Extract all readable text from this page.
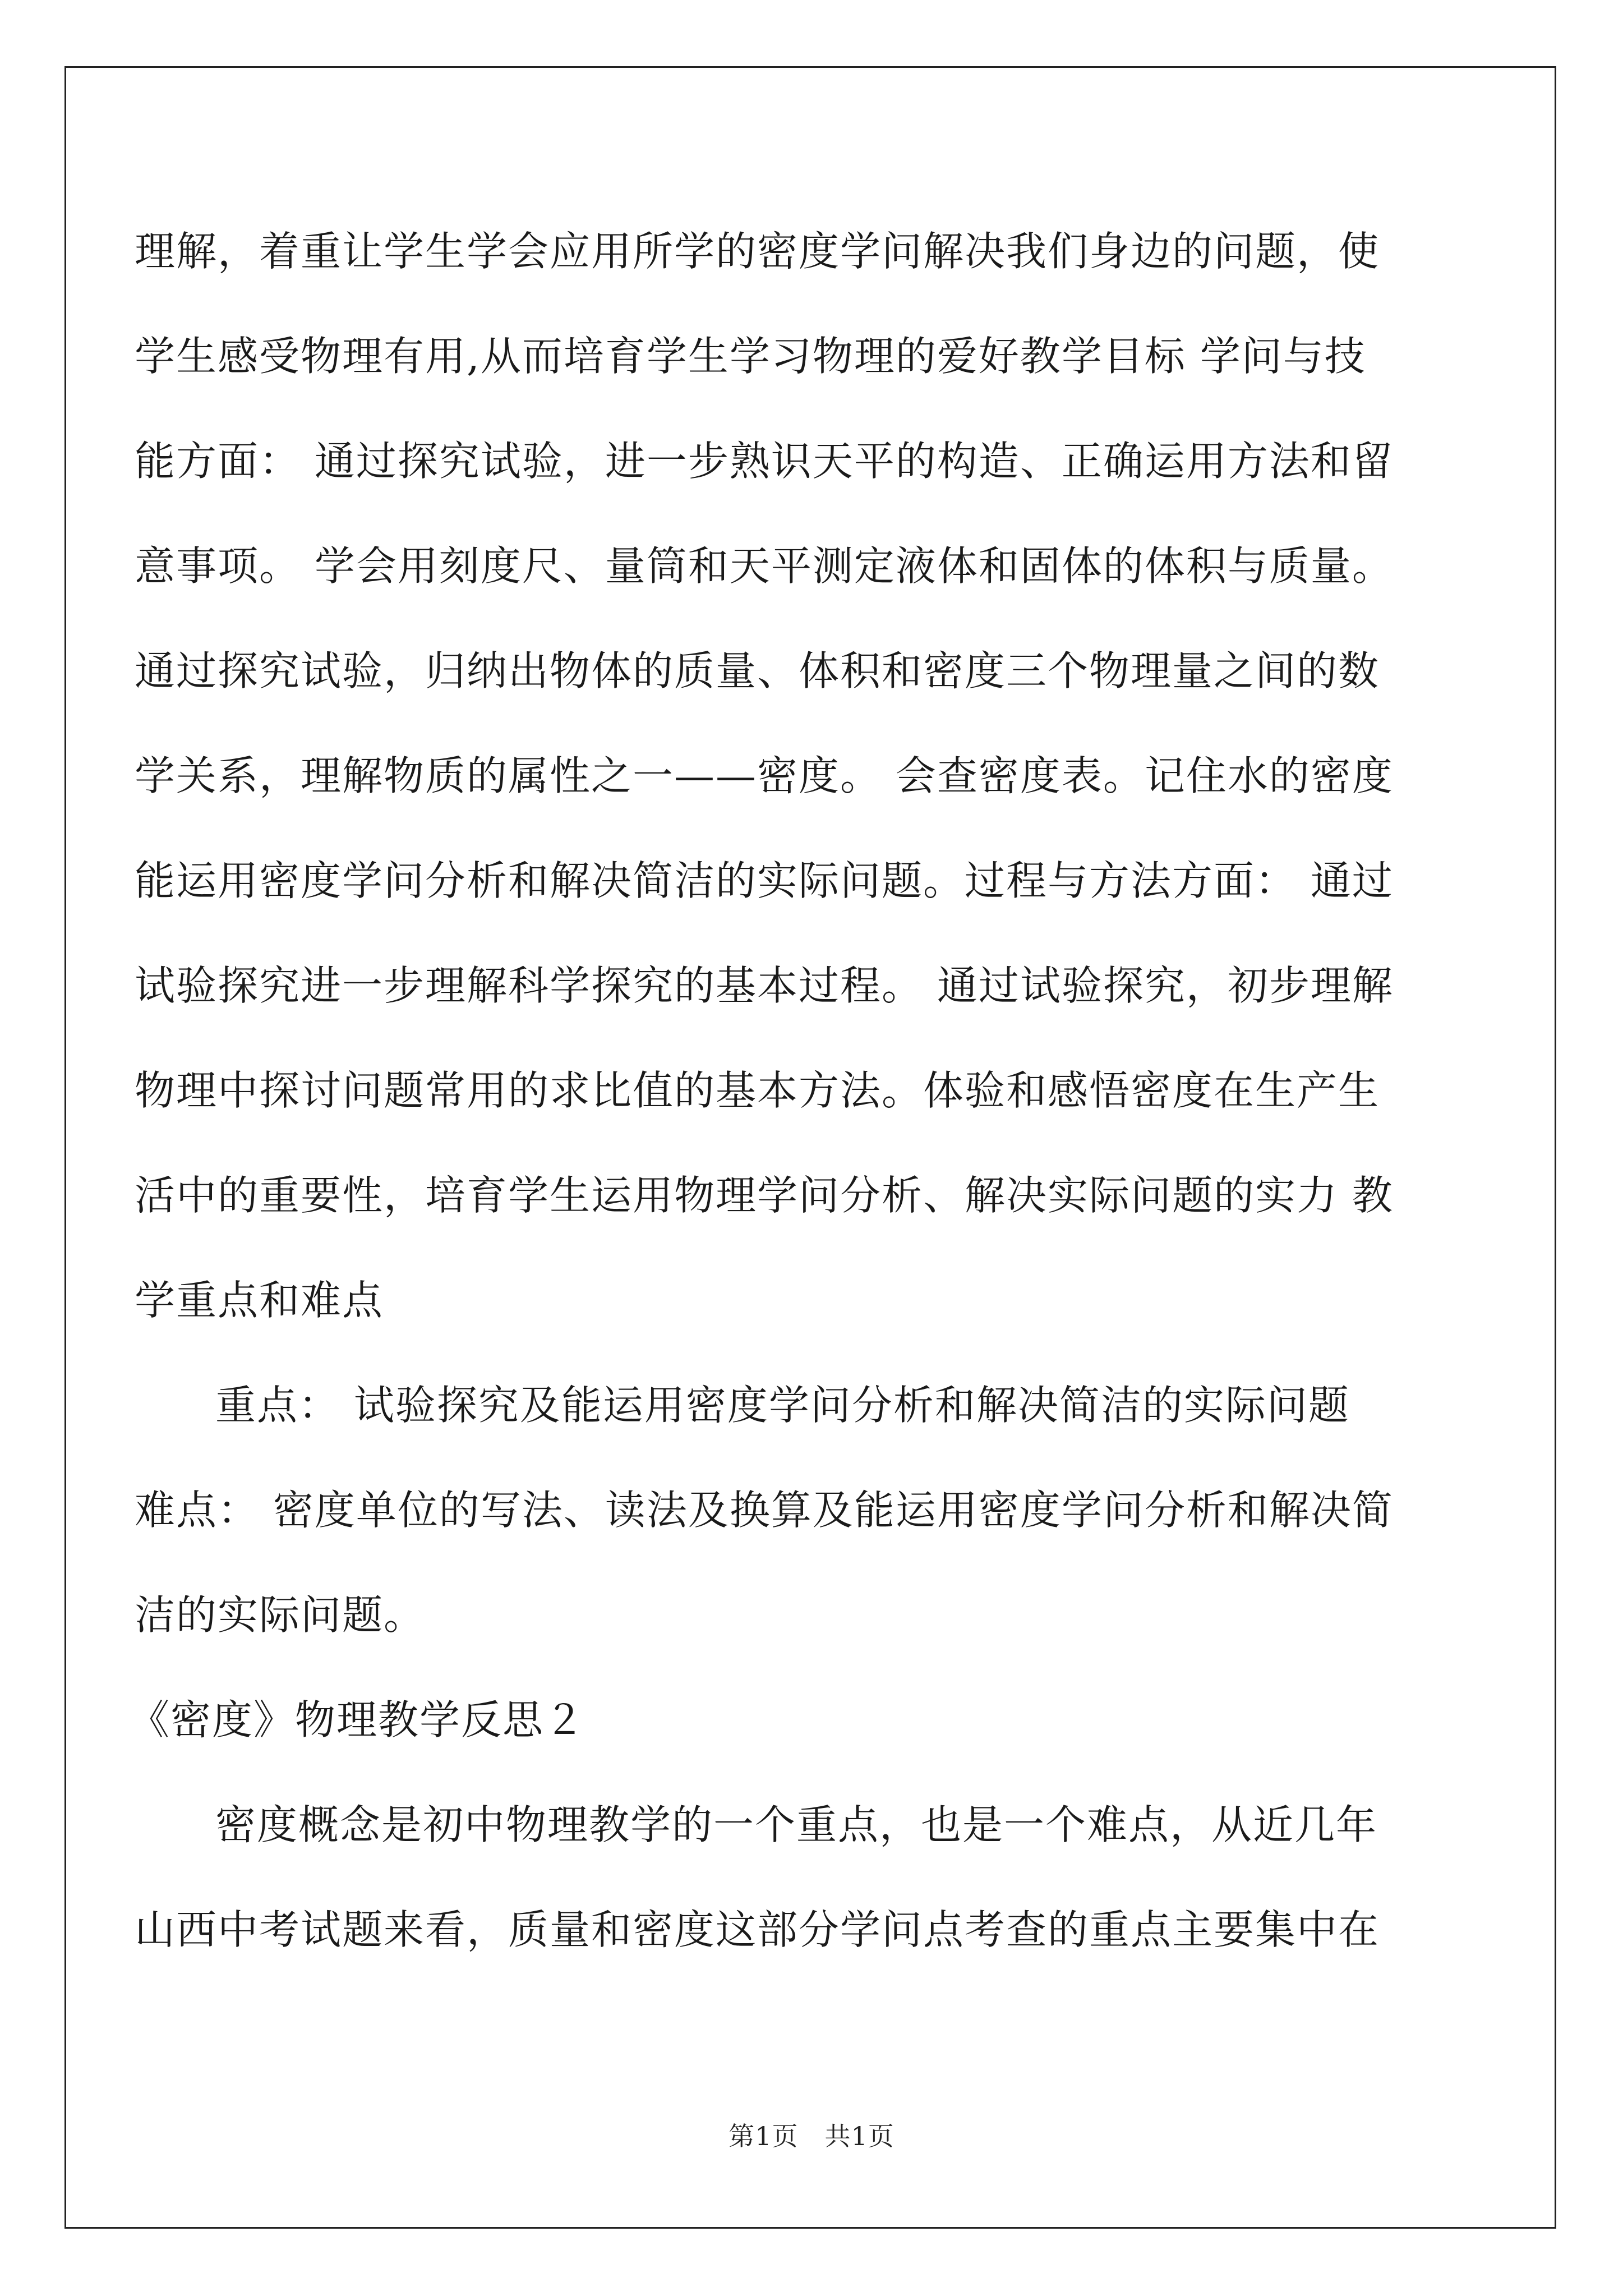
理解，着重让学生学会应用所学的密度学问解决我们身边的问题，使
学生感受物理有用,从而培育学生学习物理的爱好教学目标 学问与技
能方面： 通过探究试验，进一步熟识天平的构造、正确运用方法和留
意事项。 学会用刻度尺、量筒和天平测定液体和固体的体积与质量。
通过探究试验，归纳出物体的质量、体积和密度三个物理量之间的数
学关系，理解物质的属性之一——密度。 会查密度表。记住水的密度
能运用密度学问分析和解决简洁的实际问题。过程与方法方面： 通过
试验探究进一步理解科学探究的基本过程。 通过试验探究，初步理解
物理中探讨问题常用的求比值的基本方法。体验和感悟密度在生产生
活中的重要性，培育学生运用物理学问分析、解决实际问题的实力 教
学重点和难点

重点： 试验探究及能运用密度学问分析和解决简洁的实际问题
难点： 密度单位的写法、读法及换算及能运用密度学问分析和解决简
洁的实际问题。

《密度》物理教学反思２

密度概念是初中物理教学的一个重点，也是一个难点，从近几年
山西中考试题来看，质量和密度这部分学问点考查的重点主要集中在

第1页　共1页
